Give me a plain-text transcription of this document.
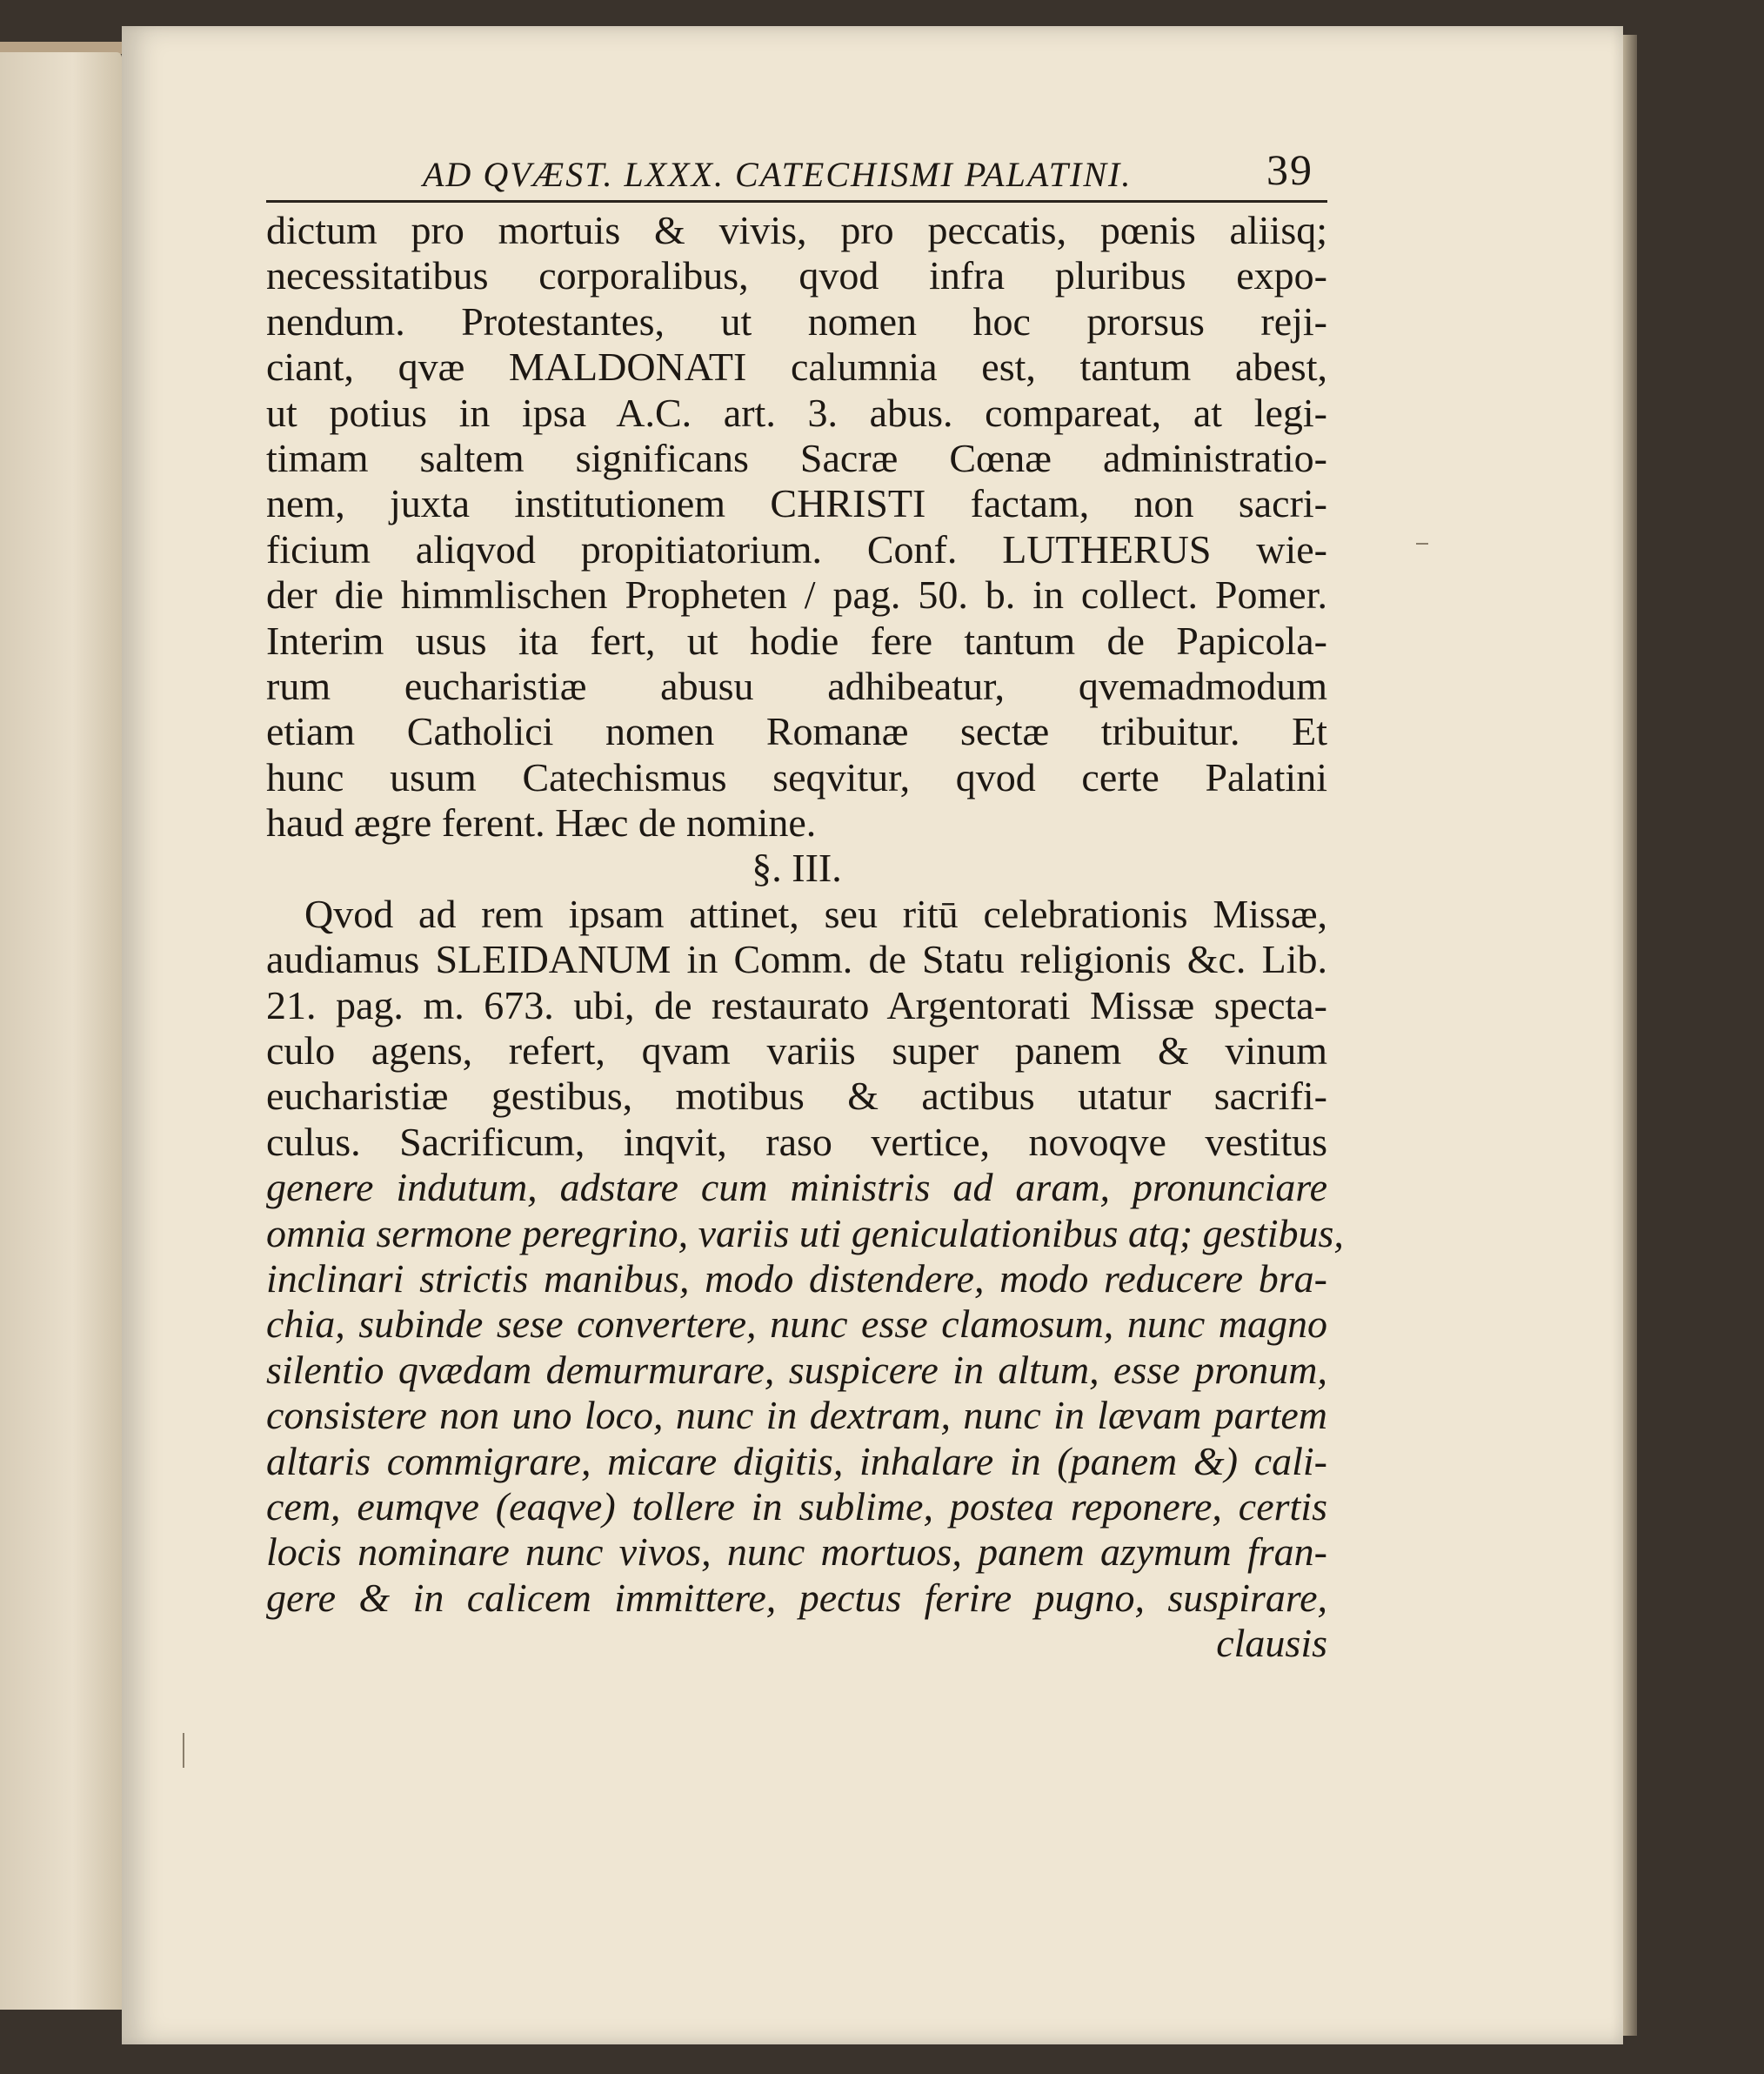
AD QVÆST. LXXX. CATECHISMI PALATINI.	39
dictum pro mortuis & vivis, pro peccatis, pœnis aliisq;
necessitatibus corporalibus, qvod infra pluribus expo-
nendum. Protestantes, ut nomen hoc prorsus reji-
ciant, qvæ MALDONATI calumnia est, tantum abest,
ut potius in ipsa A.C. art. 3. abus. compareat, at legi-
timam saltem significans Sacræ Cœnæ administratio-
nem, juxta institutionem CHRISTI factam, non sacri-
ficium aliqvod propitiatorium. Conf. LUTHERUS wie-
der die himmlischen Propheten / pag. 50. b. in collect. Pomer.
Interim usus ita fert, ut hodie fere tantum de Papicola-
rum eucharistiæ abusu adhibeatur, qvemadmodum
etiam Catholici nomen Romanæ sectæ tribuitur. Et
hunc usum Catechismus seqvitur, qvod certe Palatini
haud ægre ferent. Hæc de nomine.
§. III.
Qvod ad rem ipsam attinet, seu ritū celebrationis Missæ,
audiamus SLEIDANUM in Comm. de Statu religionis &c. Lib.
21. pag. m. 673. ubi, de restaurato Argentorati Missæ specta-
culo agens, refert, qvam variis super panem & vinum
eucharistiæ gestibus, motibus & actibus utatur sacrifi-
culus. Sacrificum, inqvit, raso vertice, novoqve vestitus
genere indutum, adstare cum ministris ad aram, pronunciare
omnia sermone peregrino, variis uti geniculationibus atq; gestibus,
inclinari strictis manibus, modo distendere, modo reducere bra-
chia, subinde sese convertere, nunc esse clamosum, nunc magno
silentio qvædam demurmurare, suspicere in altum, esse pronum,
consistere non uno loco, nunc in dextram, nunc in lævam partem
altaris commigrare, micare digitis, inhalare in (panem &) cali-
cem, eumqve (eaqve) tollere in sublime, postea reponere, certis
locis nominare nunc vivos, nunc mortuos, panem azymum fran-
gere & in calicem immittere, pectus ferire pugno, suspirare,
clausis
